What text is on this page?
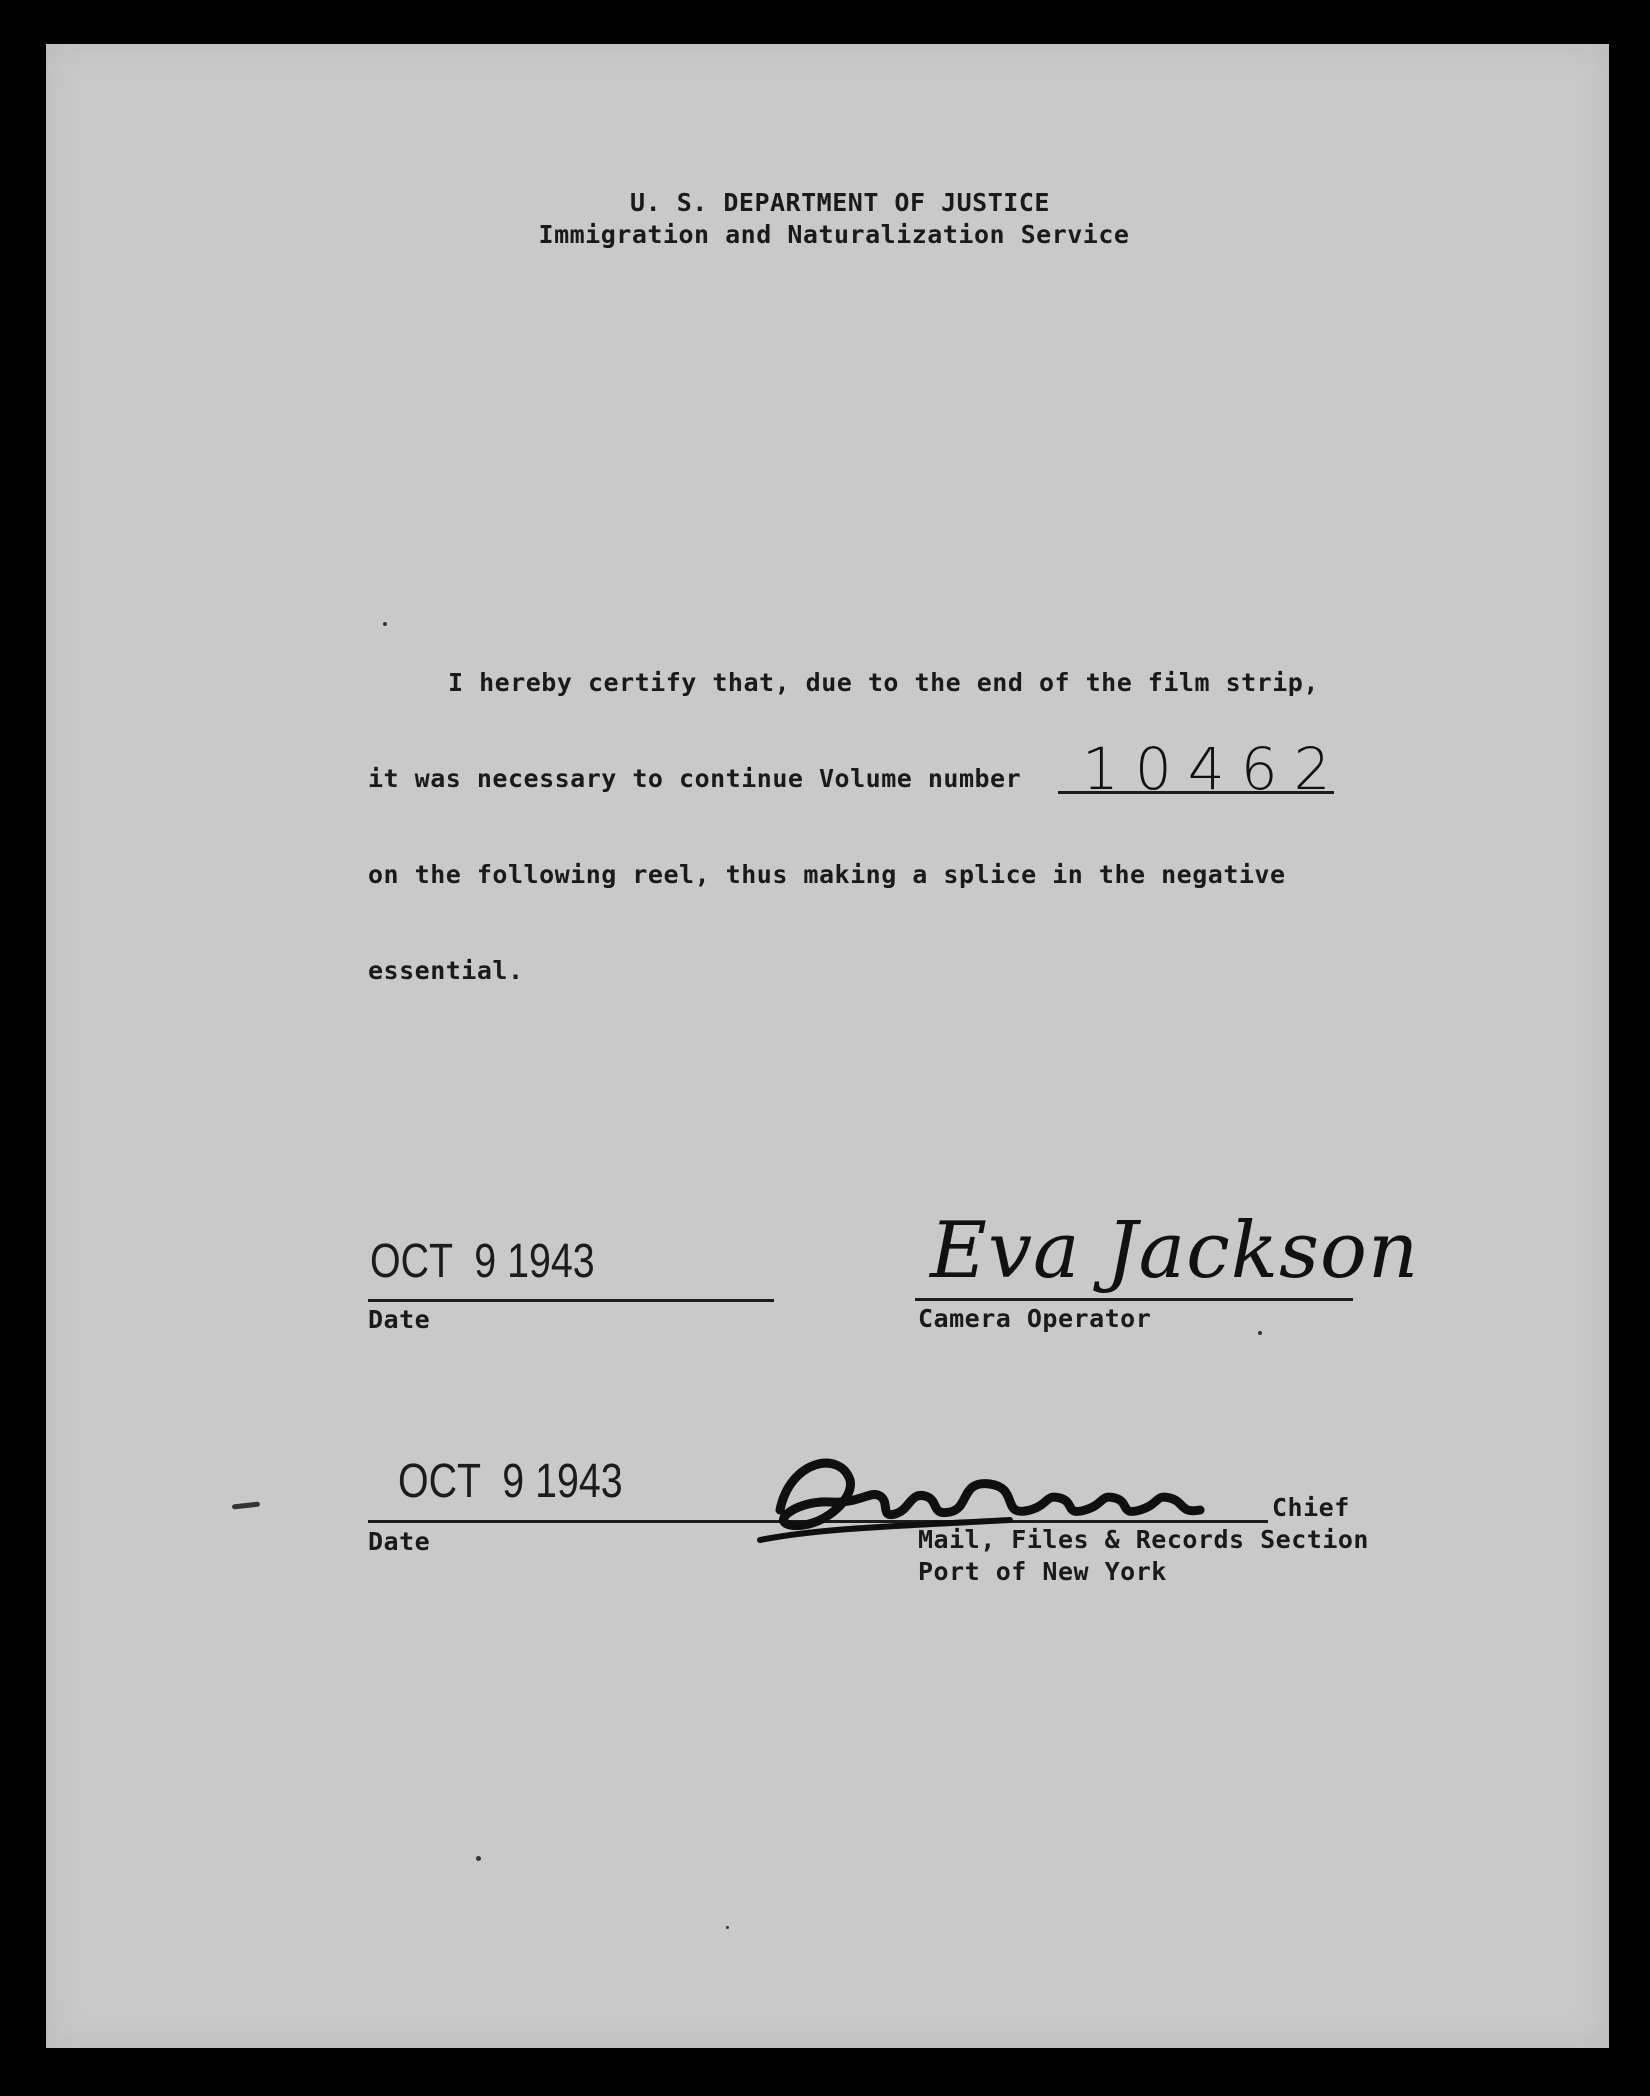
U. S. DEPARTMENT OF JUSTICE
Immigration and Naturalization Service
I hereby certify that, due to the end of the film strip,
it was necessary to continue Volume number 10462
on the following reel, thus making a splice in the negative
essential.
OCT  9 1943
Date
Eva Jackson
Camera Operator
OCT  9 1943
Date
Chief
Mail, Files & Records Section
Port of New York
